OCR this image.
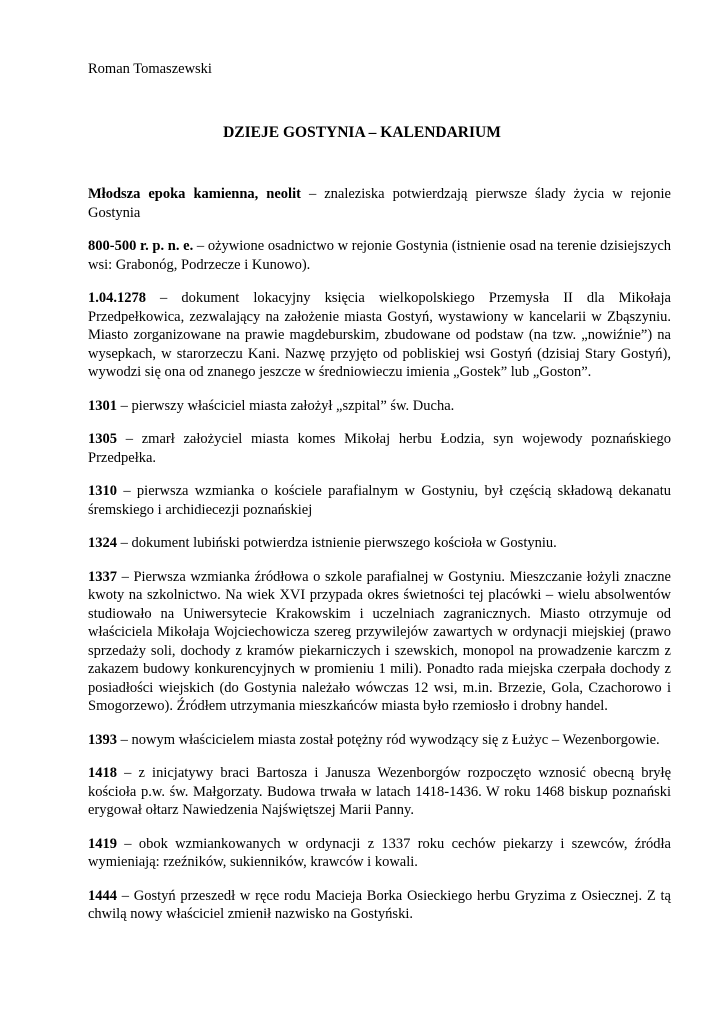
Roman Tomaszewski
DZIEJE GOSTYNIA – KALENDARIUM

Młodsza epoka kamienna, neolit – znaleziska potwierdzają pierwsze ślady życia w rejonie Gostynia

800-500 r. p. n. e. – ożywione osadnictwo w rejonie Gostynia (istnienie osad na terenie dzisiejszych wsi: Grabonóg, Podrzecze i Kunowo).

1.04.1278 – dokument lokacyjny księcia wielkopolskiego Przemysła II dla Mikołaja Przedpełkowica, zezwalający na założenie miasta Gostyń, wystawiony w kancelarii w Zbąszyniu. Miasto zorganizowane na prawie magdeburskim, zbudowane od podstaw (na tzw. „nowiźnie”) na wysepkach, w starorzeczu Kani. Nazwę przyjęto od pobliskiej wsi Gostyń (dzisiaj Stary Gostyń), wywodzi się ona od znanego jeszcze w średniowieczu imienia „Gostek” lub „Goston”.

1301 – pierwszy właściciel miasta założył „szpital” św. Ducha.

1305 – zmarł założyciel miasta komes Mikołaj herbu Łodzia, syn wojewody poznańskiego Przedpełka.

1310 – pierwsza wzmianka o kościele parafialnym w Gostyniu, był częścią składową dekanatu śremskiego i archidiecezji poznańskiej

1324 – dokument lubiński potwierdza istnienie pierwszego kościoła w Gostyniu.

1337 – Pierwsza wzmianka źródłowa o szkole parafialnej w Gostyniu. Mieszczanie łożyli znaczne kwoty na szkolnictwo. Na wiek XVI przypada okres świetności tej placówki – wielu absolwentów studiowało na Uniwersytecie Krakowskim i uczelniach zagranicznych. Miasto otrzymuje od właściciela Mikołaja Wojciechowicza szereg przywilejów zawartych w ordynacji miejskiej (prawo sprzedaży soli, dochody z kramów piekarniczych i szewskich, monopol na prowadzenie karczm z zakazem budowy konkurencyjnych w promieniu 1 mili). Ponadto rada miejska czerpała dochody z posiadłości wiejskich (do Gostynia należało wówczas 12 wsi, m.in. Brzezie, Gola, Czachorowo i Smogorzewo). Źródłem utrzymania mieszkańców miasta było rzemiosło i drobny handel.

1393 – nowym właścicielem miasta został potężny ród wywodzący się z Łużyc – Wezenborgowie.

1418 – z inicjatywy braci Bartosza i Janusza Wezenborgów rozpoczęto wznosić obecną bryłę kościoła p.w. św. Małgorzaty. Budowa trwała w latach 1418-1436. W roku 1468 biskup poznański erygował ołtarz Nawiedzenia Najświętszej Marii Panny.

1419 – obok wzmiankowanych w ordynacji z 1337 roku cechów piekarzy i szewców, źródła wymieniają: rzeźników, sukienników, krawców i kowali.

1444 – Gostyń przeszedł w ręce rodu Macieja Borka Osieckiego herbu Gryzima z Osiecznej. Z tą chwilą nowy właściciel zmienił nazwisko na Gostyński.
